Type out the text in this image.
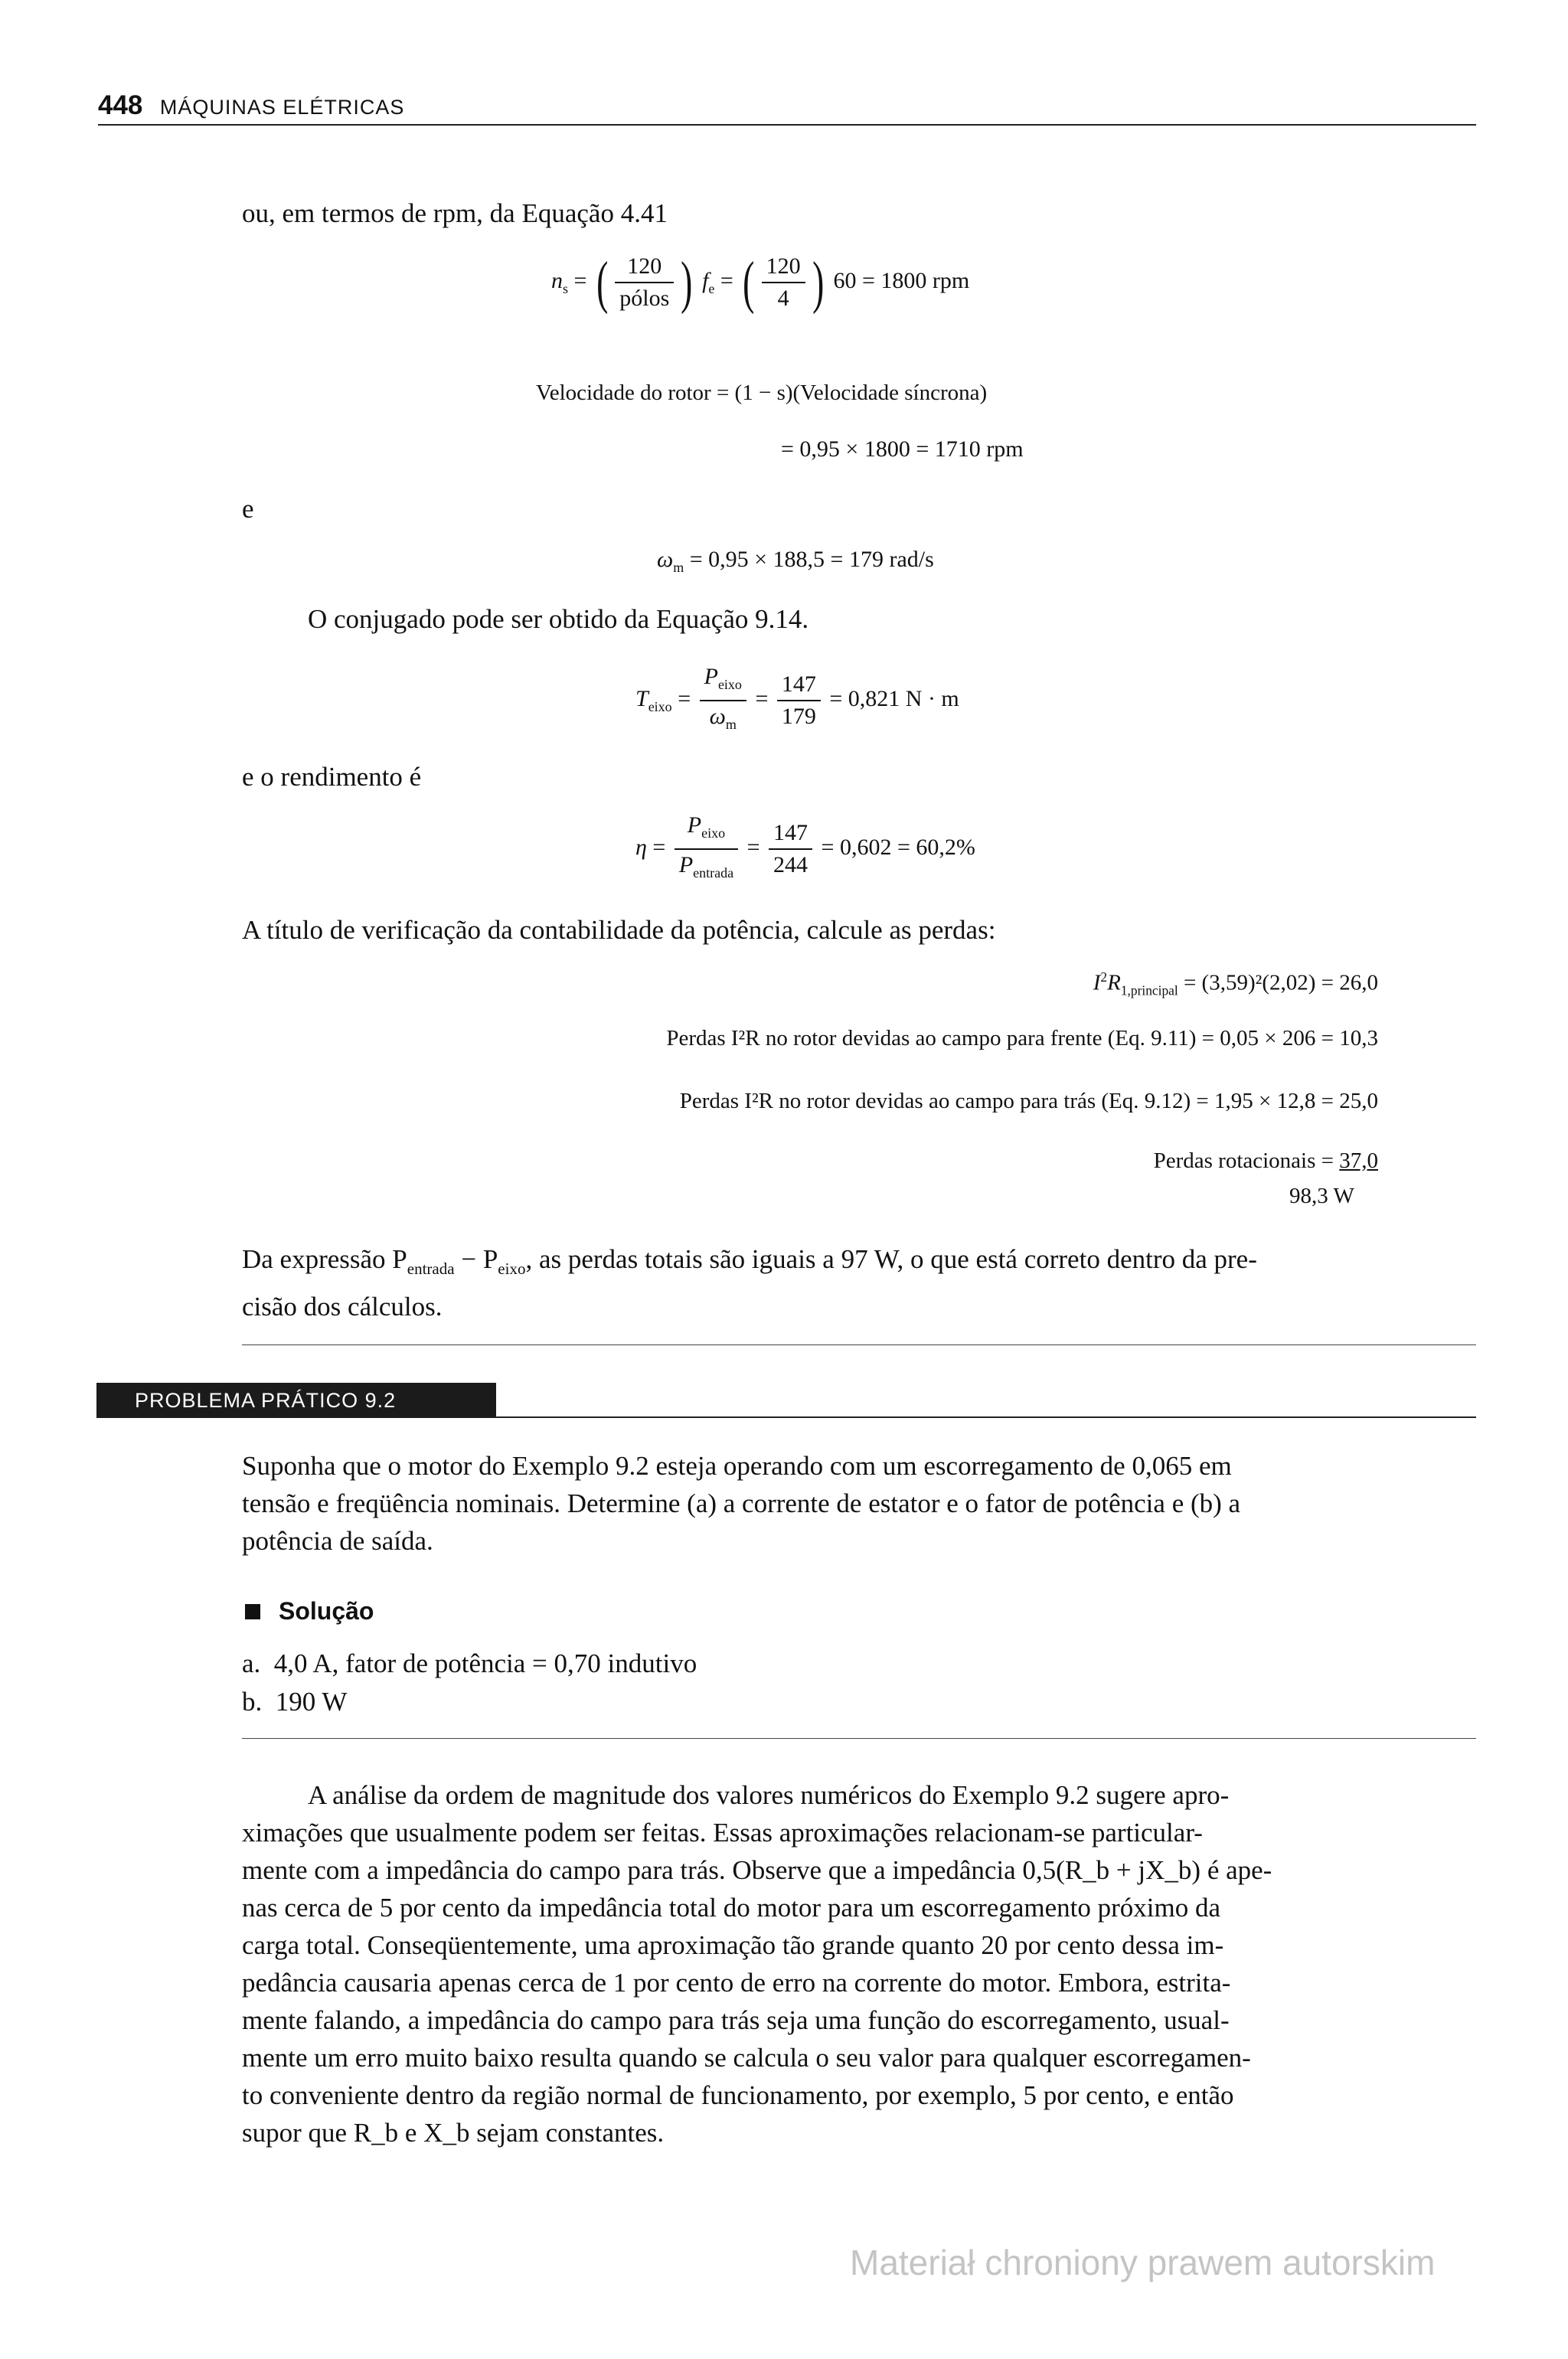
448 MÁQUINAS ELÉTRICAS
ou, em termos de rpm, da Equação 4.41
$n_s$ = ( $\frac{120}{\text{pólos}}$ ) $f_e$ = ( $\frac{120}{4}$ ) 60 = 1800 rpm
Velocidade do rotor = (1 − s)(Velocidade síncrona)
= 0,95 × 1800 = 1710 rpm
e
$\omega_m = 0,95 \times 188,5 = 179$ rad/s
O conjugado pode ser obtido da Equação 9.14.
$T_{eixo} = \frac{P_{eixo}}{\omega_m} = \frac{147}{179} = 0,821$ N · m
e o rendimento é
$\eta = \frac{P_{eixo}}{P_{entrada}} = \frac{147}{244} = 0,602 = 60,2\%$
A título de verificação da contabilidade da potência, calcule as perdas:
$I^2R_{1,principal} = (3,59)^2(2,02) = 26,0$
Perdas I²R no rotor devidas ao campo para frente (Eq. 9.11) = 0,05 × 206 = 10,3
Perdas I²R no rotor devidas ao campo para trás (Eq. 9.12) = 1,95 × 12,8 = 25,0
Perdas rotacionais = 37,0
98,3 W
Da expressão $P_{entrada} - P_{eixo}$, as perdas totais são iguais a 97 W, o que está correto dentro da pre-
cisão dos cálculos.
PROBLEMA PRÁTICO 9.2
Suponha que o motor do Exemplo 9.2 esteja operando com um escorregamento de 0,065 em
tensão e freqüência nominais. Determine (a) a corrente de estator e o fator de potência e (b) a
potência de saída.
Solução
a.  4,0 A, fator de potência = 0,70 indutivo
b.  190 W
A análise da ordem de magnitude dos valores numéricos do Exemplo 9.2 sugere apro-
ximações que usualmente podem ser feitas. Essas aproximações relacionam-se particular-
mente com a impedância do campo para trás. Observe que a impedância 0,5(R_b + jX_b) é ape-
nas cerca de 5 por cento da impedância total do motor para um escorregamento próximo da
carga total. Conseqüentemente, uma aproximação tão grande quanto 20 por cento dessa im-
pedância causaria apenas cerca de 1 por cento de erro na corrente do motor. Embora, estrita-
mente falando, a impedância do campo para trás seja uma função do escorregamento, usual-
mente um erro muito baixo resulta quando se calcula o seu valor para qualquer escorregamen-
to conveniente dentro da região normal de funcionamento, por exemplo, 5 por cento, e então
supor que R_b e X_b sejam constantes.
Materiał chroniony prawem autorskim
